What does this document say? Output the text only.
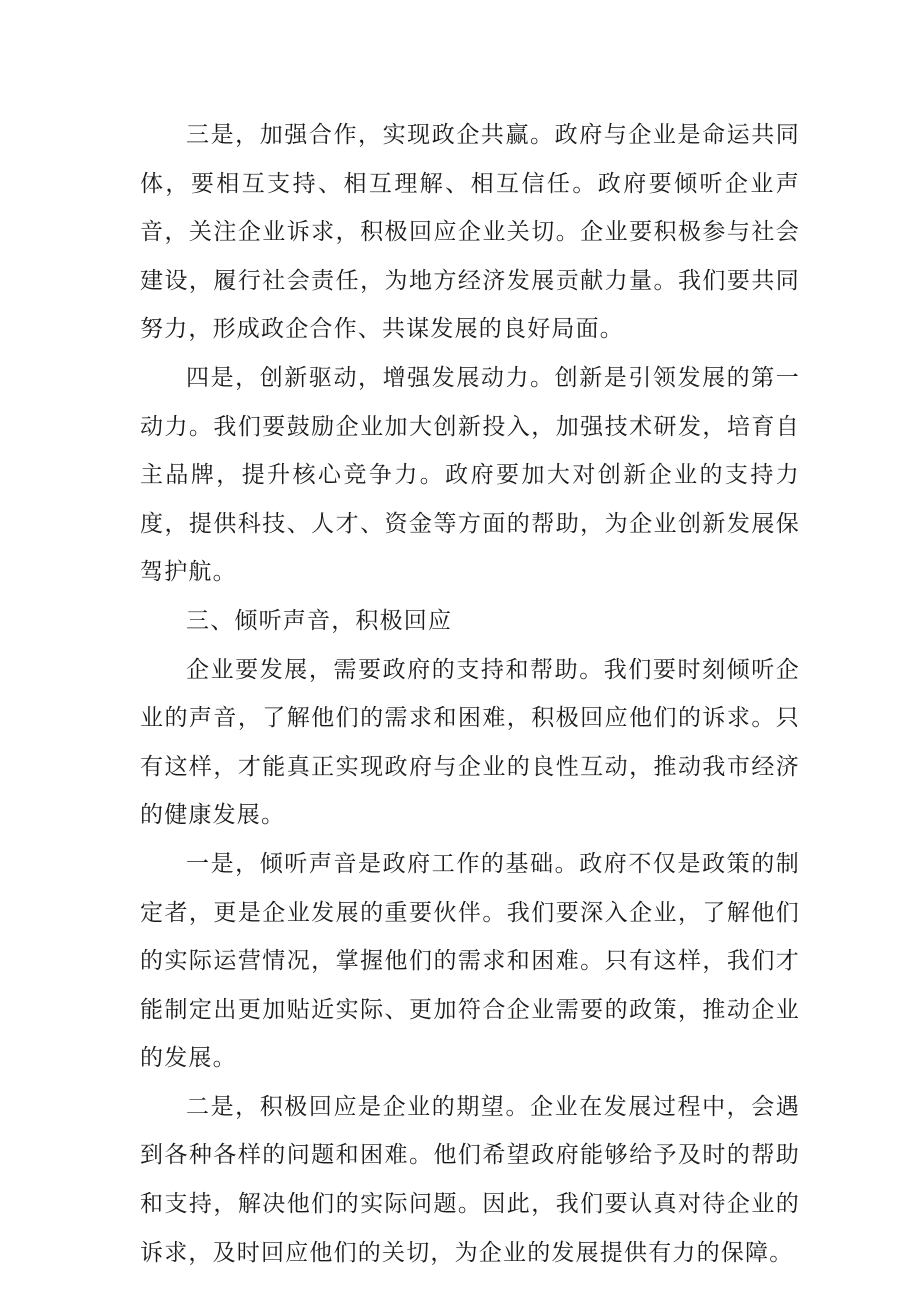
三是，加强合作，实现政企共赢。政府与企业是命运共同体，要相互支持、相互理解、相互信任。政府要倾听企业声音，关注企业诉求，积极回应企业关切。企业要积极参与社会建设，履行社会责任，为地方经济发展贡献力量。我们要共同努力，形成政企合作、共谋发展的良好局面。

四是，创新驱动，增强发展动力。创新是引领发展的第一动力。我们要鼓励企业加大创新投入，加强技术研发，培育自主品牌，提升核心竞争力。政府要加大对创新企业的支持力度，提供科技、人才、资金等方面的帮助，为企业创新发展保驾护航。

三、倾听声音，积极回应

企业要发展，需要政府的支持和帮助。我们要时刻倾听企业的声音，了解他们的需求和困难，积极回应他们的诉求。只有这样，才能真正实现政府与企业的良性互动，推动我市经济的健康发展。

一是，倾听声音是政府工作的基础。政府不仅是政策的制定者，更是企业发展的重要伙伴。我们要深入企业，了解他们的实际运营情况，掌握他们的需求和困难。只有这样，我们才能制定出更加贴近实际、更加符合企业需要的政策，推动企业的发展。

二是，积极回应是企业的期望。企业在发展过程中，会遇到各种各样的问题和困难。他们希望政府能够给予及时的帮助和支持，解决他们的实际问题。因此，我们要认真对待企业的诉求，及时回应他们的关切，为企业的发展提供有力的保障。
